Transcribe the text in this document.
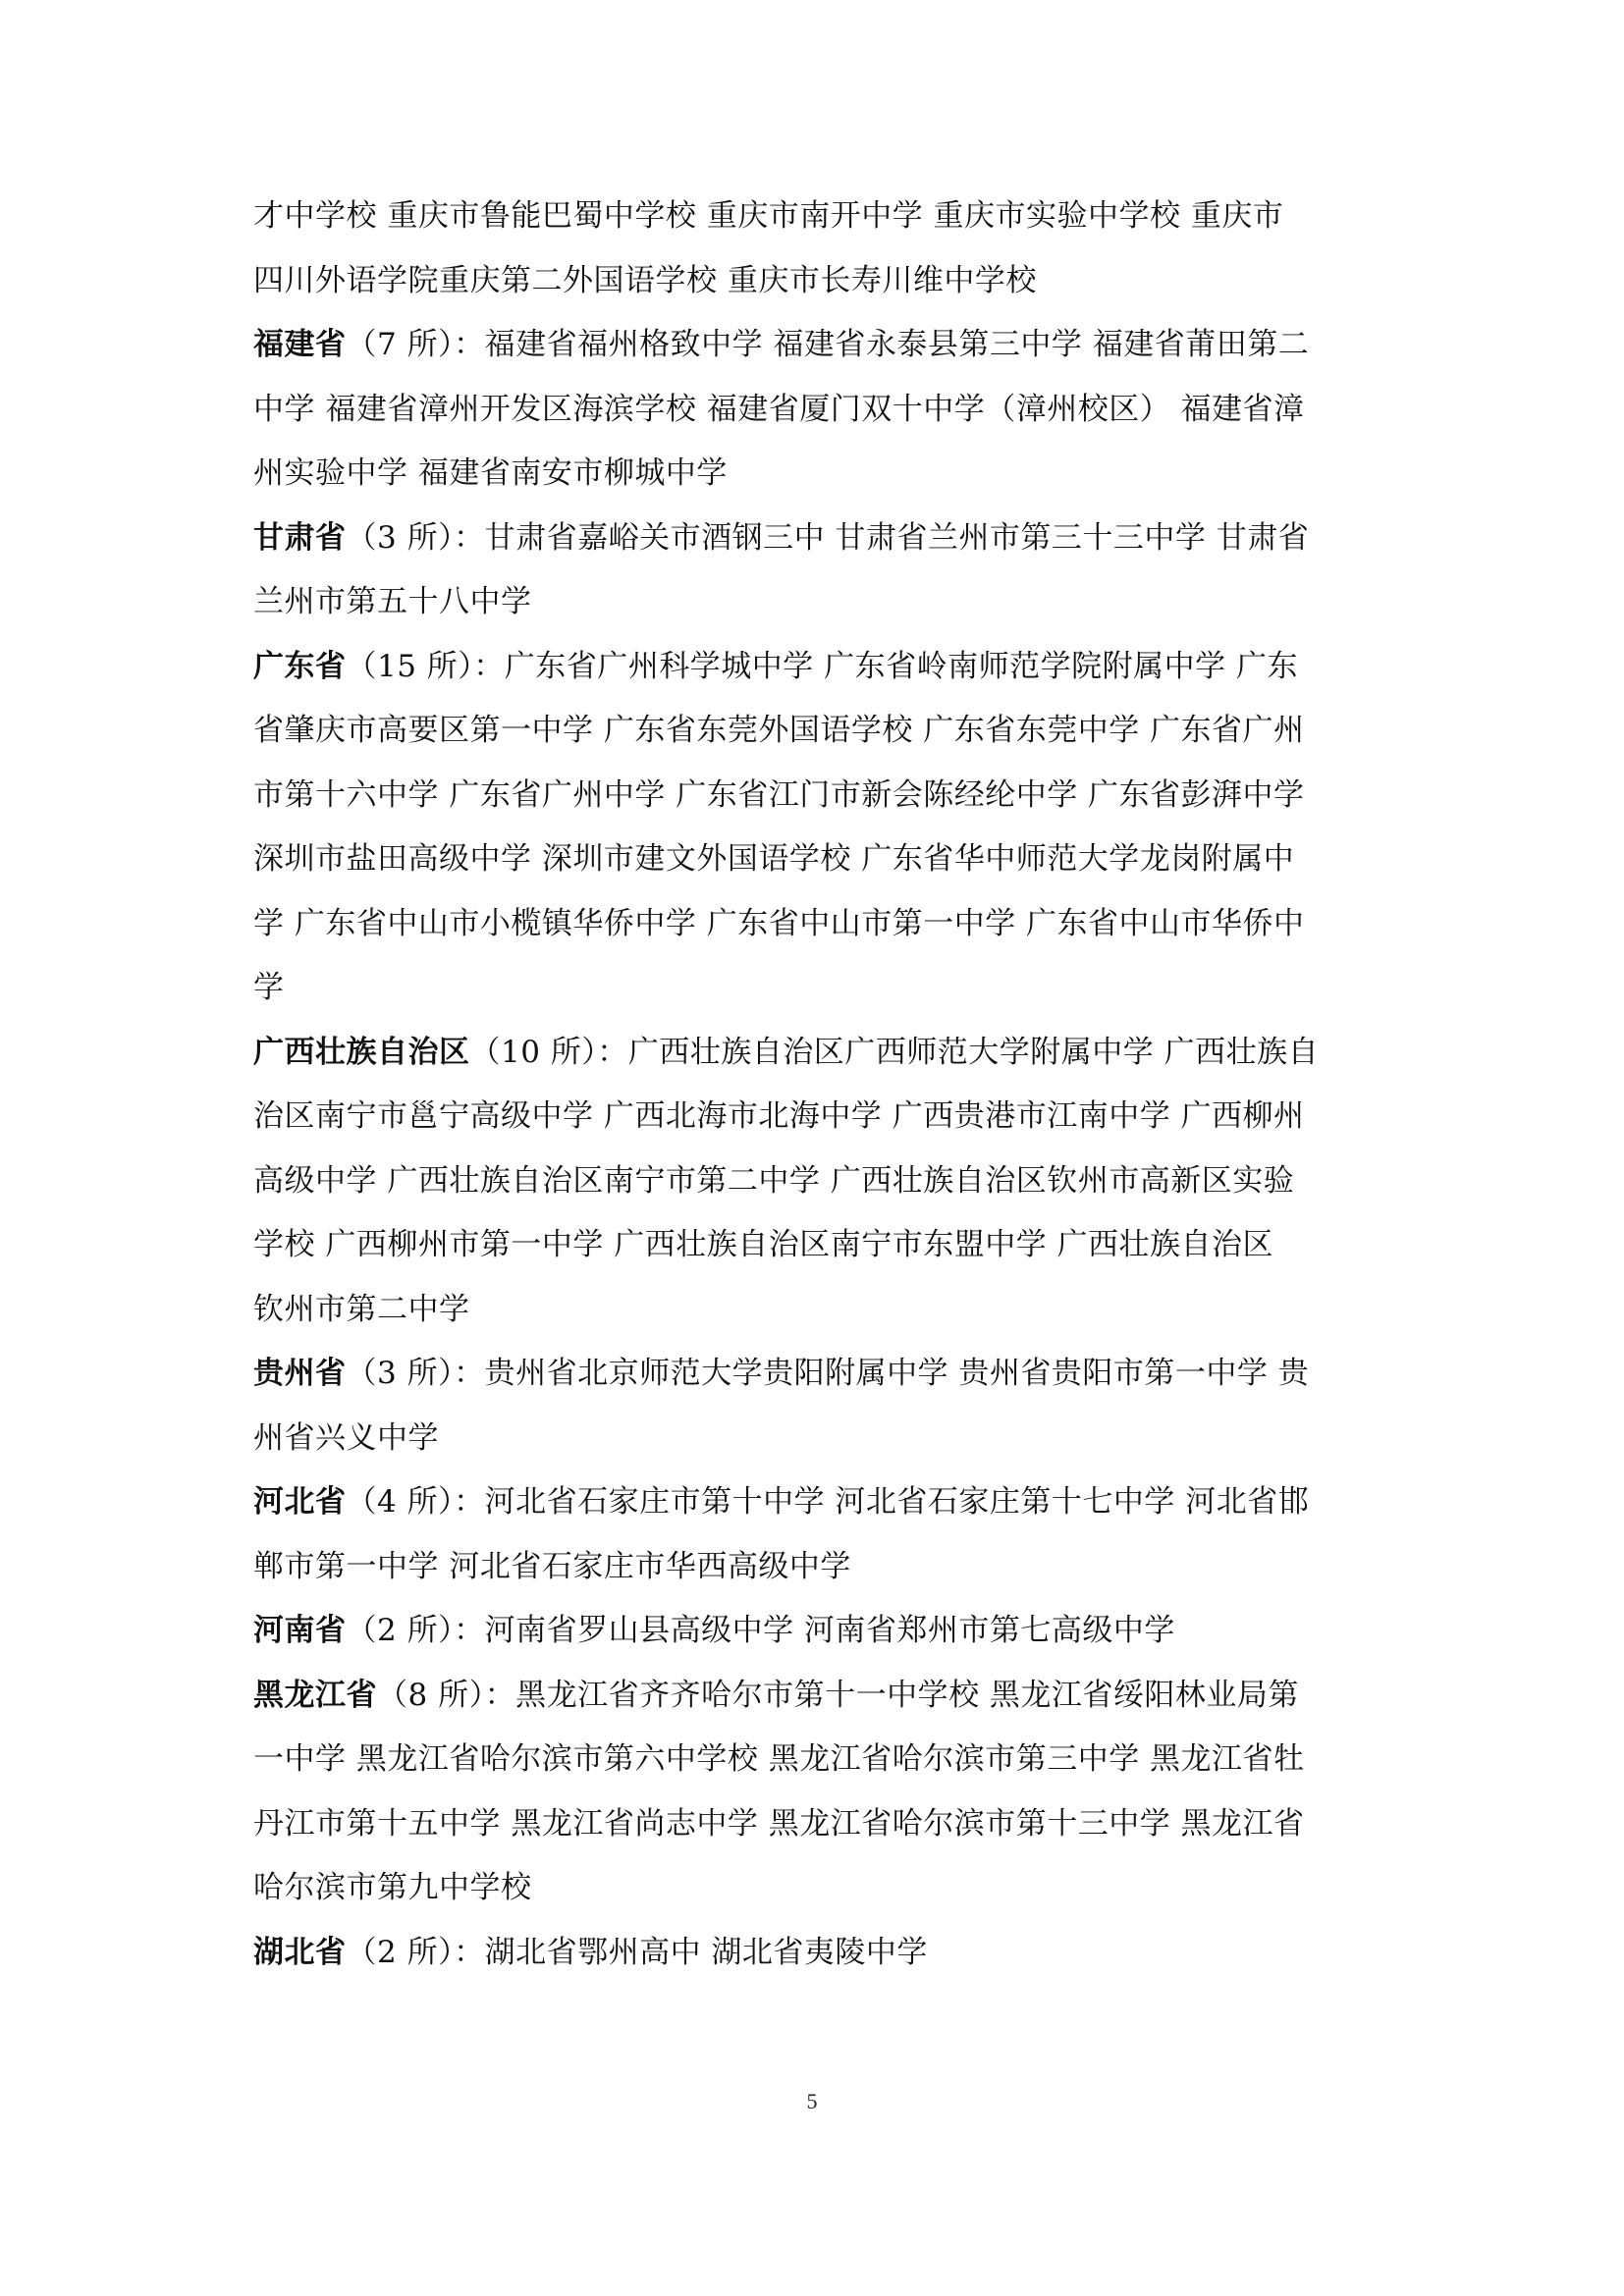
才中学校 重庆市鲁能巴蜀中学校 重庆市南开中学 重庆市实验中学校 重庆市
四川外语学院重庆第二外国语学校 重庆市长寿川维中学校
福建省（7 所）：福建省福州格致中学 福建省永泰县第三中学 福建省莆田第二
中学 福建省漳州开发区海滨学校 福建省厦门双十中学（漳州校区） 福建省漳
州实验中学 福建省南安市柳城中学
甘肃省（3 所）：甘肃省嘉峪关市酒钢三中 甘肃省兰州市第三十三中学 甘肃省
兰州市第五十八中学
广东省（15 所）：广东省广州科学城中学 广东省岭南师范学院附属中学 广东
省肇庆市高要区第一中学 广东省东莞外国语学校 广东省东莞中学 广东省广州
市第十六中学 广东省广州中学 广东省江门市新会陈经纶中学 广东省彭湃中学
深圳市盐田高级中学 深圳市建文外国语学校 广东省华中师范大学龙岗附属中
学 广东省中山市小榄镇华侨中学 广东省中山市第一中学 广东省中山市华侨中
学
广西壮族自治区（10 所）：广西壮族自治区广西师范大学附属中学 广西壮族自
治区南宁市邕宁高级中学 广西北海市北海中学 广西贵港市江南中学 广西柳州
高级中学 广西壮族自治区南宁市第二中学 广西壮族自治区钦州市高新区实验
学校 广西柳州市第一中学 广西壮族自治区南宁市东盟中学 广西壮族自治区
钦州市第二中学
贵州省（3 所）：贵州省北京师范大学贵阳附属中学 贵州省贵阳市第一中学 贵
州省兴义中学
河北省（4 所）：河北省石家庄市第十中学 河北省石家庄第十七中学 河北省邯
郸市第一中学 河北省石家庄市华西高级中学
河南省（2 所）：河南省罗山县高级中学 河南省郑州市第七高级中学
黑龙江省（8 所）：黑龙江省齐齐哈尔市第十一中学校 黑龙江省绥阳林业局第
一中学 黑龙江省哈尔滨市第六中学校 黑龙江省哈尔滨市第三中学 黑龙江省牡
丹江市第十五中学 黑龙江省尚志中学 黑龙江省哈尔滨市第十三中学 黑龙江省
哈尔滨市第九中学校
湖北省（2 所）：湖北省鄂州高中 湖北省夷陵中学
5
